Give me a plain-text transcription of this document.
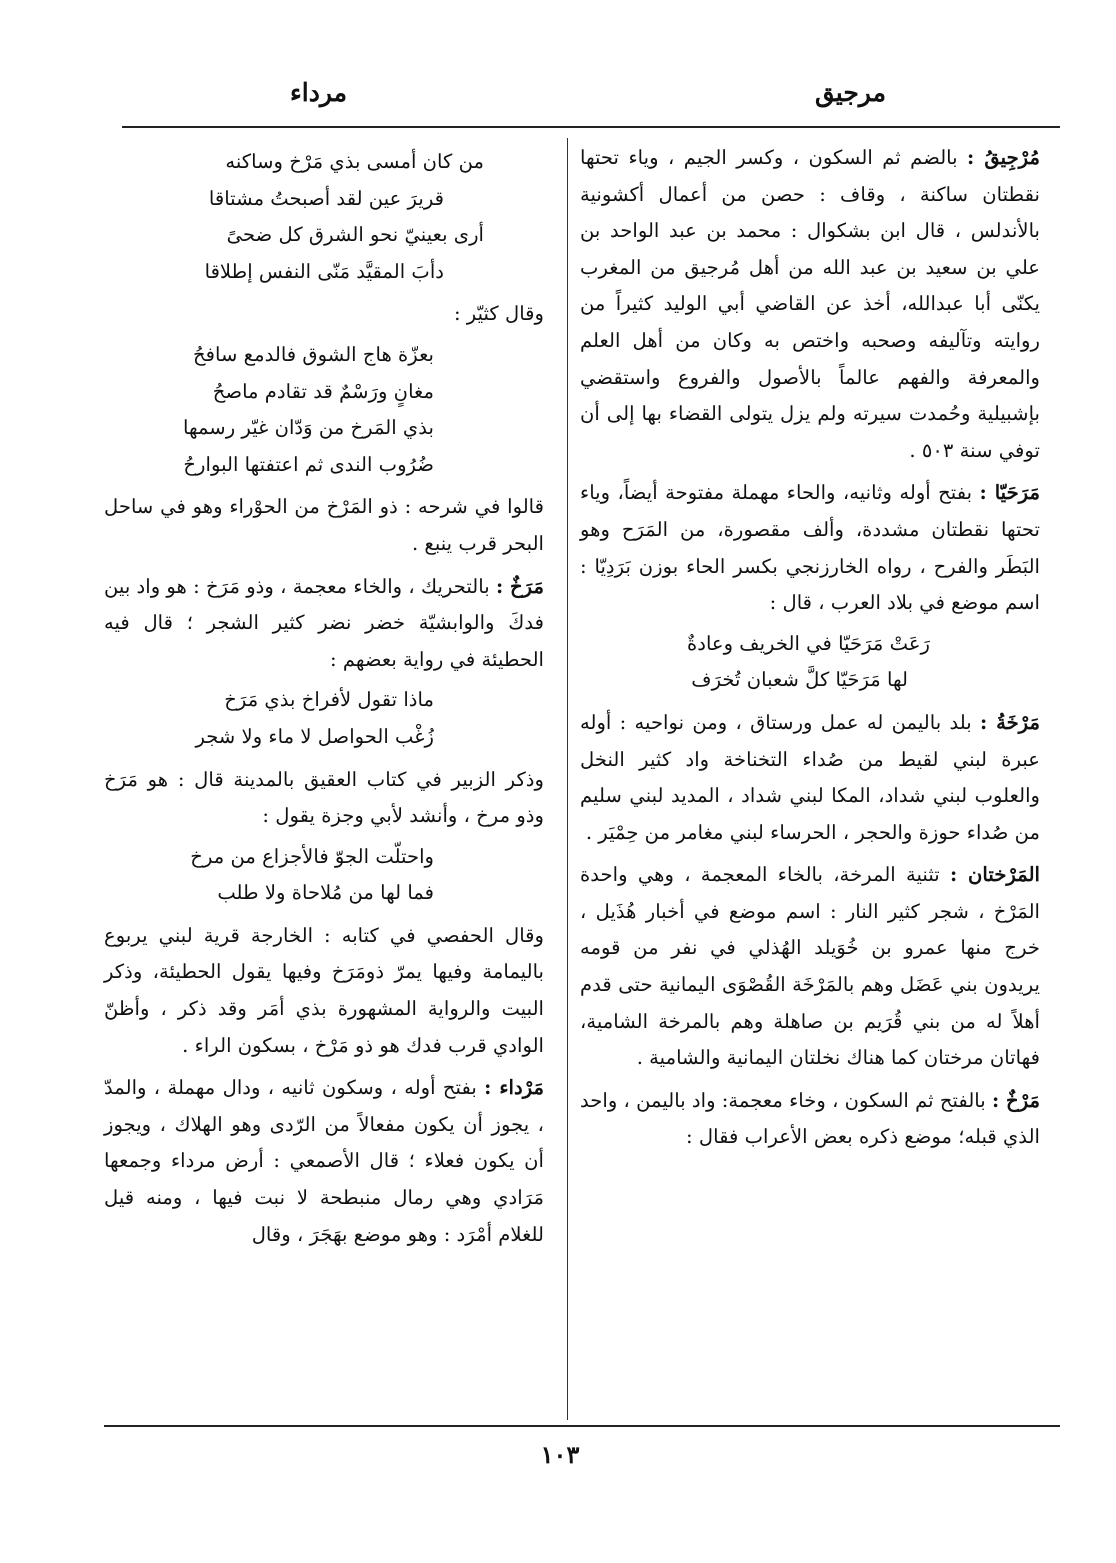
مرجيق
مرداء

مُرْجِيقُ : بالضم ثم السكون ، وكسر الجيم ، وياء تحتها نقطتان ساكنة ، وقاف : حصن من أعمال أكشونية بالأندلس ، قال ابن بشكوال : محمد بن عبد الواحد بن علي بن سعيد بن عبد الله من أهل مُرجيق من المغرب يكنّى أبا عبدالله، أخذ عن القاضي أبي الوليد كثيراً من روايته وتآليفه وصحبه واختص به وكان من أهل العلم والمعرفة والفهم عالماً بالأصول والفروع واستقضي بإشبيلية وحُمدت سيرته ولم يزل يتولى القضاء بها إلى أن توفي سنة ٥٠٣ .

مَرَحَيّا : بفتح أوله وثانيه، والحاء مهملة مفتوحة أيضاً، وياء تحتها نقطتان مشددة، وألف مقصورة، من المَرَح وهو البَطَر والفرح ، رواه الخارزنجي بكسر الحاء بوزن بَرَدِيّا : اسم موضع في بلاد العرب ، قال :

رَعَتْ مَرَحَيّا في الخريف وعادةٌ
لها مَرَحَيّا كلَّ شعبان تُخرَف

مَرْخَةُ : بلد باليمن له عمل ورستاق ، ومن نواحيه : أوله عبرة لبني لقيط من صُداء التخناخة واد كثير النخل والعلوب لبني شداد، المكا لبني شداد ، المديد لبني سليم من صُداء حوزة والحجر ، الحرساء لبني مغامر من حِمْيَر .

المَرْختان : تثنية المرخة، بالخاء المعجمة ، وهي واحدة المَرْخ ، شجر كثير النار : اسم موضع في أخبار هُذَيل ، خرج منها عمرو بن خُوَيلد الهُذلي في نفر من قومه يريدون بني عَضَل وهم بالمَرْخَة القُصْوَى اليمانية حتى قدم أهلاً له من بني قُرَيم بن صاهلة وهم بالمرخة الشامية، فهاتان مرختان كما هناك نخلتان اليمانية والشامية .

مَرْخٌ : بالفتح ثم السكون ، وخاء معجمة: واد باليمن ، واحد الذي قبله؛ موضع ذكره بعض الأعراب فقال :

من كان أمسى بذي مَرْخ وساكنه
قريرَ عين لقد أصبحتُ مشتاقا
أرى بعينيّ نحو الشرق كل ضحىً
دأبَ المقيَّد مَنّى النفس إطلاقا

وقال كثيّر :

بعزّة هاج الشوق فالدمع سافحُ
مغانٍ ورَسْمٌ قد تقادم ماصحُ
بذي المَرخ من وَدّان غيّر رسمها
ضُرُوب الندى ثم اعتفتها البوارحُ

قالوا في شرحه : ذو المَرْخ من الحوْراء وهو في ساحل البحر قرب ينبع .

مَرَخٌ : بالتحريك ، والخاء معجمة ، وذو مَرَخ : هو واد بين فدكَ والوابشيّة خضر نضر كثير الشجر ؛ قال فيه الحطيئة في رواية بعضهم :

ماذا تقول لأفراخ بذي مَرَخ
زُغْب الحواصل لا ماء ولا شجر

وذكر الزبير في كتاب العقيق بالمدينة قال : هو مَرَخ وذو مرخ ، وأنشد لأبي وجزة يقول :

واحتلّت الجوّ فالأجزاع من مرخ
فما لها من مُلاحاة ولا طلب

وقال الحفصي في كتابه : الخارجة قرية لبني يربوع باليمامة وفيها يمرّ ذومَرَخ وفيها يقول الحطيئة، وذكر البيت والرواية المشهورة بذي أمَر وقد ذكر ، وأظنّ الوادي قرب فدك هو ذو مَرْخ ، بسكون الراء .

مَرْداء : بفتح أوله ، وسكون ثانيه ، ودال مهملة ، والمدّ ، يجوز أن يكون مفعالاً من الرّدى وهو الهلاك ، ويجوز أن يكون فعلاء ؛ قال الأصمعي : أرض مرداء وجمعها مَرَادي وهي رمال منبطحة لا نبت فيها ، ومنه قيل للغلام أمْرَد : وهو موضع بهَجَرَ ، وقال

١٠٣
